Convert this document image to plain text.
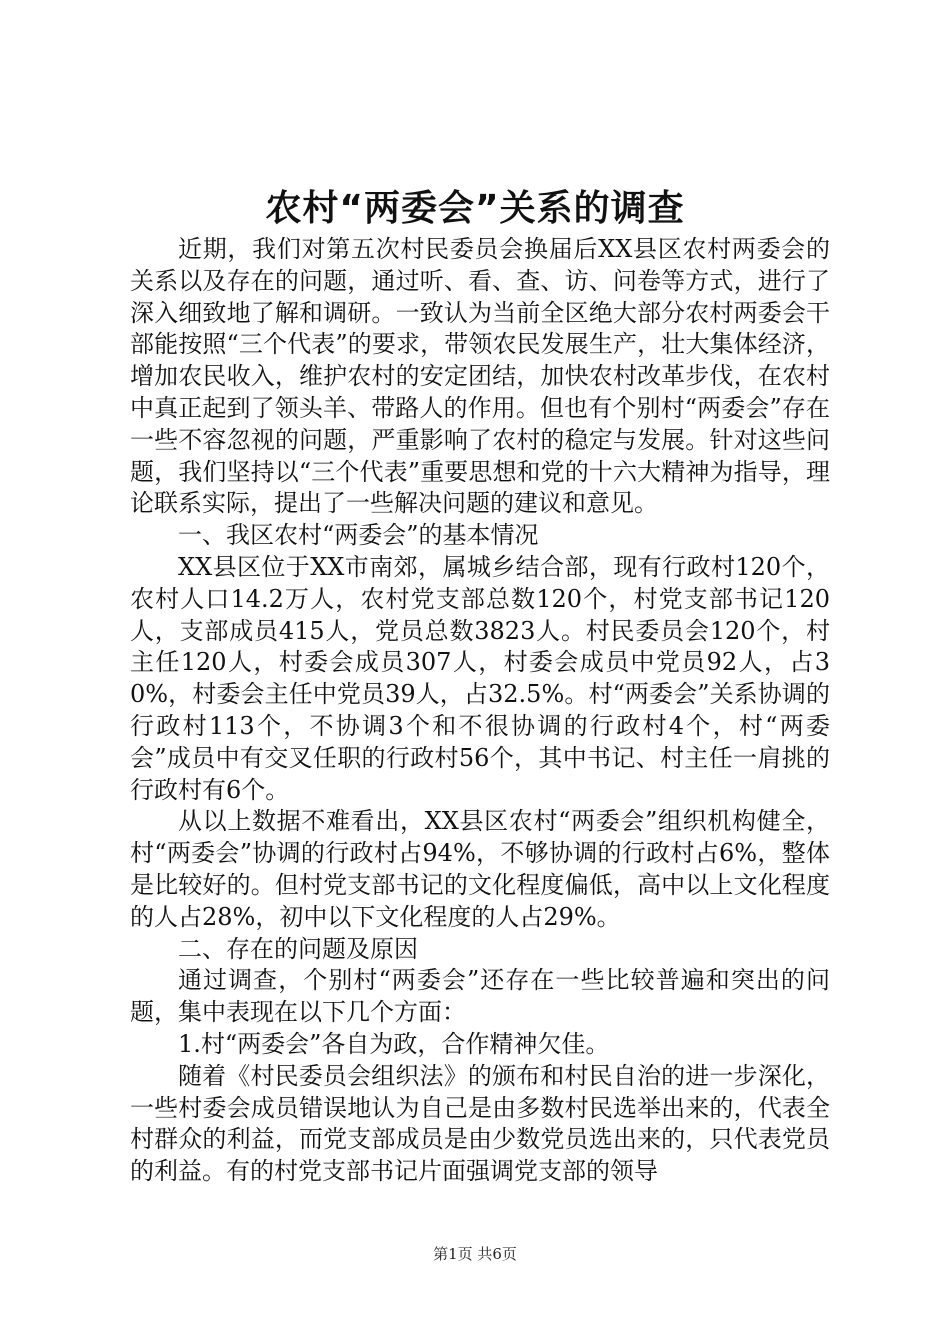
农村“两委会”关系的调查

近期，我们对第五次村民委员会换届后XX县区农村两委会的关系以及存在的问题，通过听、看、查、访、问卷等方式，进行了深入细致地了解和调研。一致认为当前全区绝大部分农村两委会干部能按照“三个代表”的要求，带领农民发展生产，壮大集体经济，增加农民收入，维护农村的安定团结，加快农村改革步伐，在农村中真正起到了领头羊、带路人的作用。但也有个别村“两委会”存在一些不容忽视的问题，严重影响了农村的稳定与发展。针对这些问题，我们坚持以“三个代表”重要思想和党的十六大精神为指导，理论联系实际，提出了一些解决问题的建议和意见。

一、我区农村“两委会”的基本情况

XX县区位于XX市南郊，属城乡结合部，现有行政村120个，农村人口14.2万人，农村党支部总数120个，村党支部书记120人，支部成员415人，党员总数3823人。村民委员会120个，村主任120人，村委会成员307人，村委会成员中党员92人，占30%，村委会主任中党员39人，占32.5%。村“两委会”关系协调的行政村113个，不协调3个和不很协调的行政村4个，村“两委会”成员中有交叉任职的行政村56个，其中书记、村主任一肩挑的行政村有6个。

从以上数据不难看出，XX县区农村“两委会”组织机构健全，村“两委会”协调的行政村占94%，不够协调的行政村占6%，整体是比较好的。但村党支部书记的文化程度偏低，高中以上文化程度的人占28%，初中以下文化程度的人占29%。

二、存在的问题及原因

通过调查，个别村“两委会”还存在一些比较普遍和突出的问题，集中表现在以下几个方面：

1.村“两委会”各自为政，合作精神欠佳。

随着《村民委员会组织法》的颁布和村民自治的进一步深化，一些村委会成员错误地认为自己是由多数村民选举出来的，代表全村群众的利益，而党支部成员是由少数党员选出来的，只代表党员的利益。有的村党支部书记片面强调党支部的领导

第1页 共6页
